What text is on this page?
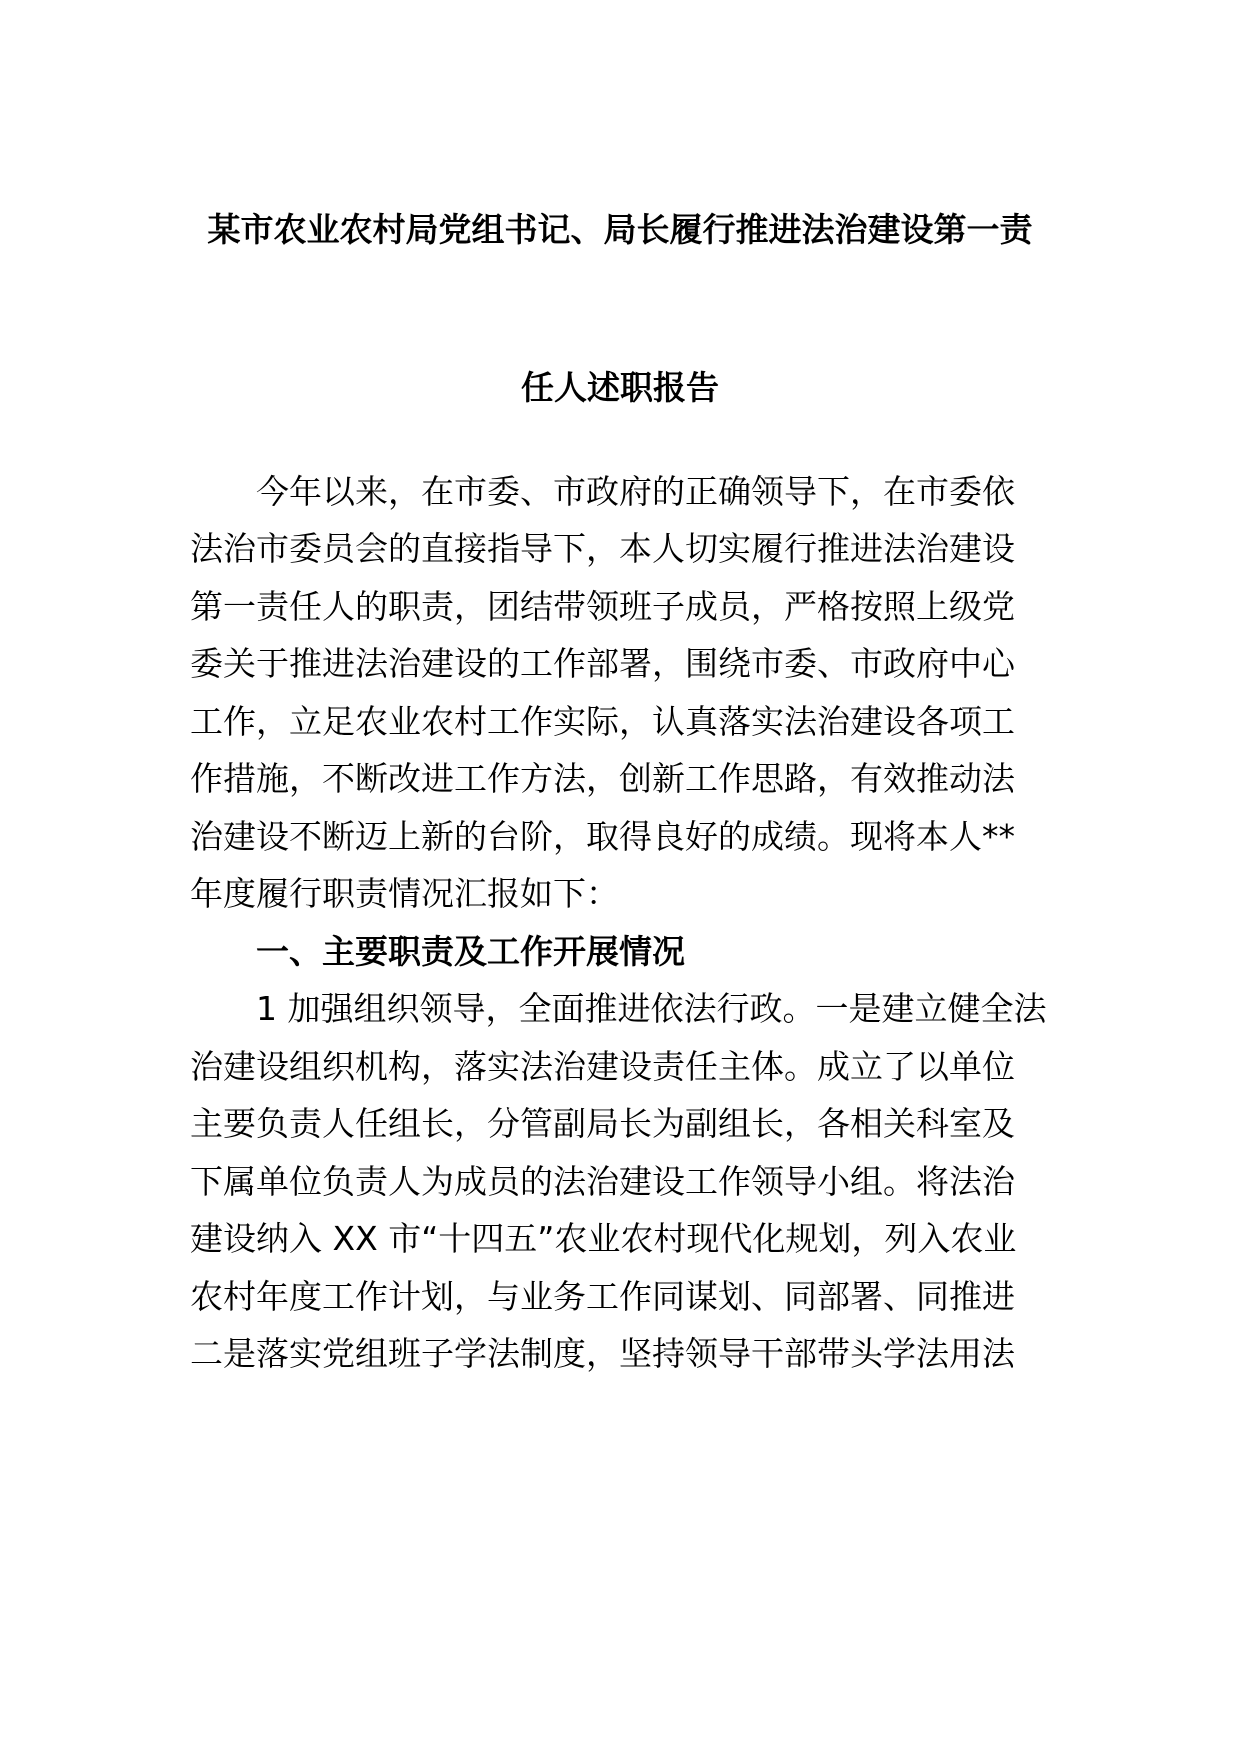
某市农业农村局党组书记、局长履行推进法治建设第一责
任人述职报告
今年以来，在市委、市政府的正确领导下，在市委依
法治市委员会的直接指导下，本人切实履行推进法治建设
第一责任人的职责，团结带领班子成员，严格按照上级党
委关于推进法治建设的工作部署，围绕市委、市政府中心
工作，立足农业农村工作实际，认真落实法治建设各项工
作措施，不断改进工作方法，创新工作思路，有效推动法
治建设不断迈上新的台阶，取得良好的成绩。现将本人**
年度履行职责情况汇报如下：
一、主要职责及工作开展情况
1 加强组织领导，全面推进依法行政。一是建立健全法
治建设组织机构，落实法治建设责任主体。成立了以单位
主要负责人任组长，分管副局长为副组长，各相关科室及
下属单位负责人为成员的法治建设工作领导小组。将法治
建设纳入 XX 市“十四五”农业农村现代化规划，列入农业
农村年度工作计划，与业务工作同谋划、同部署、同推进
二是落实党组班子学法制度，坚持领导干部带头学法用法
